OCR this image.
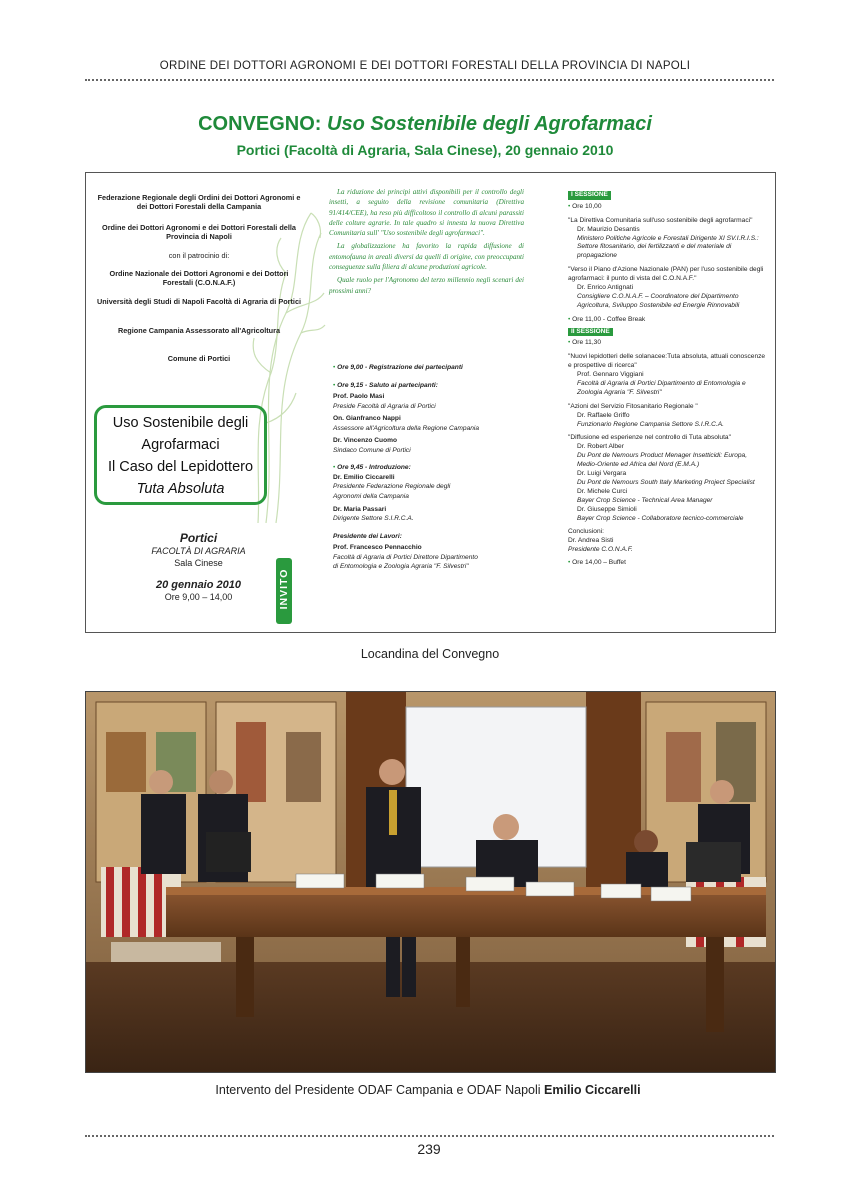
ORDINE DEI DOTTORI AGRONOMI E DEI DOTTORI FORESTALI DELLA PROVINCIA DI NAPOLI
CONVEGNO: Uso Sostenibile degli Agrofarmaci
Portici (Facoltà di Agraria, Sala Cinese), 20 gennaio 2010
Federazione Regionale degli Ordini dei Dottori Agronomi e dei Dottori Forestali della Campania
Ordine dei Dottori Agronomi e dei Dottori Forestali della Provincia di Napoli
con il patrocinio di:
Ordine Nazionale dei Dottori Agronomi e dei Dottori Forestali (C.O.N.A.F.)
Università degli Studi di Napoli Facoltà di Agraria di Portici
Regione Campania Assessorato all'Agricoltura
Comune di Portici
Uso Sostenibile degli
Agrofarmaci
Il Caso del Lepidottero
Tuta Absoluta
Portici
FACOLTÀ DI AGRARIA
Sala Cinese
20 gennaio 2010
Ore 9,00 – 14,00	INVITO

La riduzione dei principi attivi disponibili per il controllo degli insetti, a seguito della revisione comunitaria (Direttiva 91/414/CEE), ha reso più difficoltoso il controllo di alcuni parassiti delle colture agrarie. In tale quadro si innesta la nuova Direttiva Comunitaria sull' "Uso sostenibile degli agrofarmaci".

La globalizzazione ha favorito la rapida diffusione di entomofauna in areali diversi da quelli di origine, con preoccupanti conseguenze sulla filiera di alcune produzioni agricole.

Quale ruolo per l'Agronomo del terzo millennio negli scenari dei prossimi anni?

• Ore 9,00 - Registrazione dei partecipanti
• Ore 9,15 - Saluto ai partecipanti:
Prof. Paolo Masi
Preside Facoltà di Agraria di Portici
On. Gianfranco Nappi
Assessore all'Agricoltura della Regione Campania
Dr. Vincenzo Cuomo
Sindaco Comune di Portici
• Ore 9,45 - Introduzione:
Dr. Emilio Ciccarelli
Presidente Federazione Regionale degli Agronomi della Campania
Dr. Maria Passari
Dirigente Settore S.I.R.C.A.
Presidente dei Lavori:
Prof. Francesco Pennacchio
Facoltà di Agraria di Portici Direttore Dipartimento di Entomologia e Zoologia Agraria "F. Silvestri"
I SESSIONE
• Ore 10,00
"La Direttiva Comunitaria sull'uso sostenibile degli agrofarmaci"
Dr. Maurizio Desantis
Ministero Politiche Agricole e Forestali Dirigente XI SV.I.R.I.S.: Settore fitosanitario, dei fertilizzanti e del materiale di propagazione
"Verso il Piano d'Azione Nazionale (PAN) per l'uso sostenibile degli agrofarmaci: il punto di vista del C.O.N.A.F."
Dr. Enrico Antignati
Consigliere C.O.N.A.F. – Coordinatore del Dipartimento Agricoltura, Sviluppo Sostenibile ed Energie Rinnovabili
• Ore 11,00 - Coffee Break
II SESSIONE
• Ore 11,30
"Nuovi lepidotteri delle solanacee:Tuta absoluta, attuali conoscenze e prospettive di ricerca"
Prof. Gennaro Viggiani
Facoltà di Agraria di Portici Dipartimento di Entomologia e Zoologia Agraria "F. Silvestri"
"Azioni del Servizio Fitosanitario Regionale "
Dr. Raffaele Griffo
Funzionario Regione Campania Settore S.I.R.C.A.
"Diffusione ed esperienze nel controllo di Tuta absoluta"
Dr. Robert Alber
Du Pont de Nemours Product Menager Insetticidi: Europa, Medio-Oriente ed Africa del Nord (E.M.A.)
Dr. Luigi Vergara
Du Pont de Nemours South Italy Marketing Project Specialist
Dr. Michele Curci
Bayer Crop Science - Technical Area Manager
Dr. Giuseppe Simioli
Bayer Crop Science - Collaboratore tecnico-commerciale
Conclusioni:
Dr. Andrea Sisti
Presidente C.O.N.A.F.
• Ore 14,00 – Buffet
Locandina del Convegno
Intervento del Presidente ODAF Campania e ODAF Napoli Emilio Ciccarelli
239
